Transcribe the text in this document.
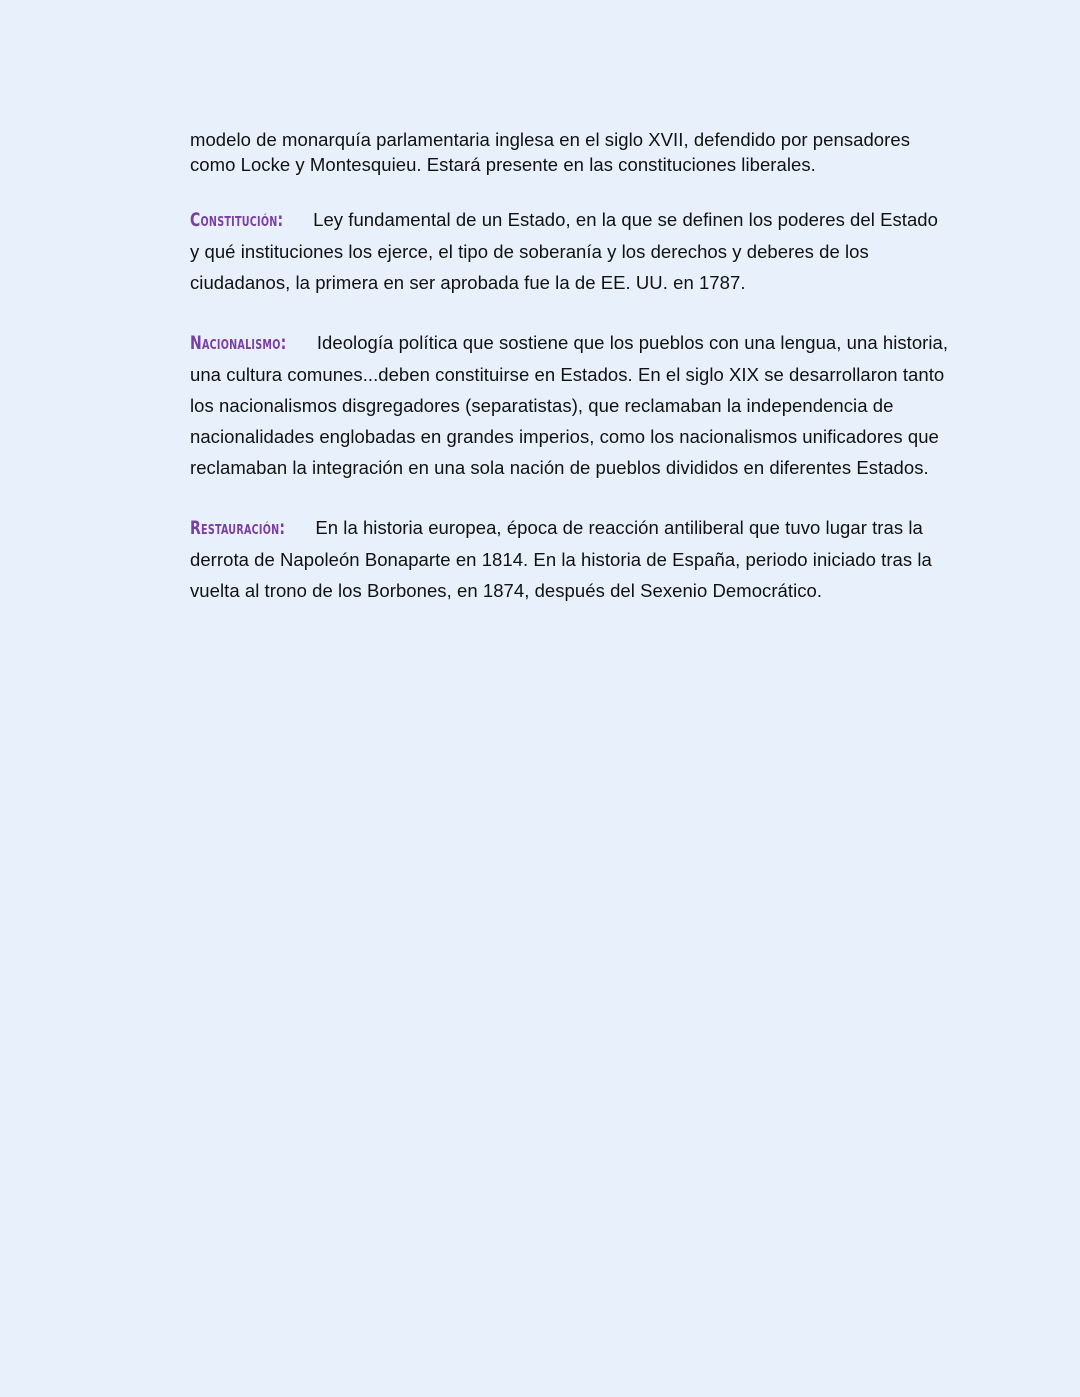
modelo de monarquía parlamentaria inglesa en el siglo XVII, defendido por pensadores como Locke y Montesquieu. Estará presente en las constituciones liberales.

Constitución: Ley fundamental de un Estado, en la que se definen los poderes del Estado y qué instituciones los ejerce, el tipo de soberanía y los derechos y deberes de los ciudadanos, la primera en ser aprobada fue la de EE. UU. en 1787.

Nacionalismo: Ideología política que sostiene que los pueblos con una lengua, una historia, una cultura comunes...deben constituirse en Estados. En el siglo XIX se desarrollaron tanto los nacionalismos disgregadores (separatistas), que reclamaban la independencia de nacionalidades englobadas en grandes imperios, como los nacionalismos unificadores que reclamaban la integración en una sola nación de pueblos divididos en diferentes Estados.

Restauración: En la historia europea, época de reacción antiliberal que tuvo lugar tras la derrota de Napoleón Bonaparte en 1814. En la historia de España, periodo iniciado tras la vuelta al trono de los Borbones, en 1874, después del Sexenio Democrático.
